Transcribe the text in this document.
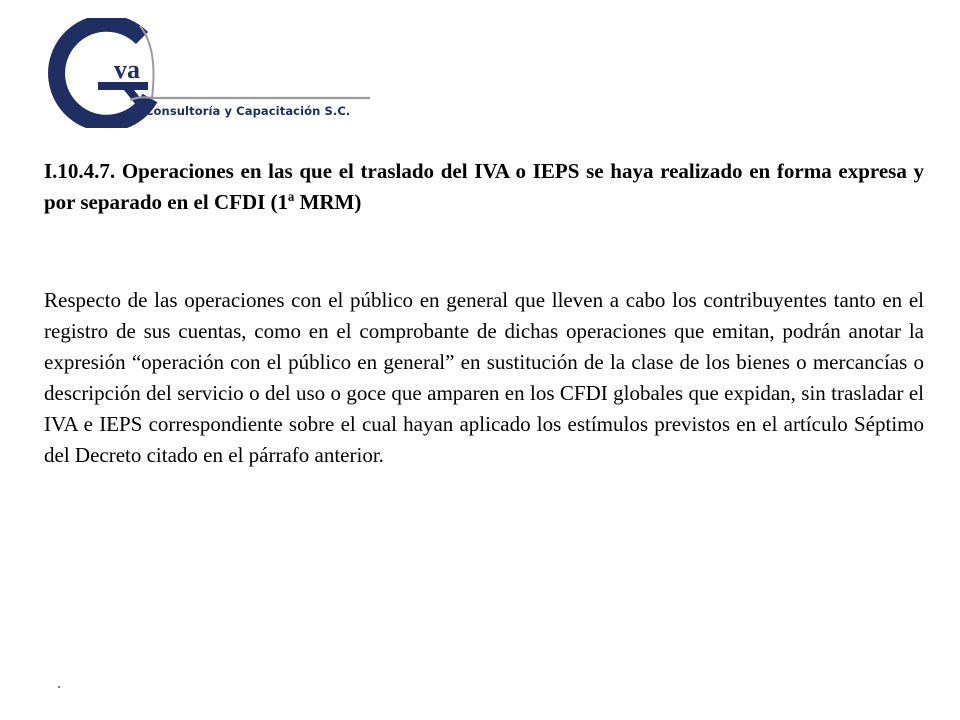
va
Consultoría y Capacitación S.C.

I.10.4.7. Operaciones en las que el traslado del IVA o IEPS se haya realizado en forma expresa y por separado en el CFDI (1ª MRM)

Respecto de las operaciones con el público en general que lleven a cabo los contribuyentes tanto en el registro de sus cuentas, como en el comprobante de dichas operaciones que emitan, podrán anotar la expresión “operación con el público en general” en sustitución de la clase de los bienes o mercancías o descripción del servicio o del uso o goce que amparen en los CFDI globales que expidan, sin trasladar el IVA e IEPS correspondiente sobre el cual hayan aplicado los estímulos previstos en el artículo Séptimo del Decreto citado en el párrafo anterior.
